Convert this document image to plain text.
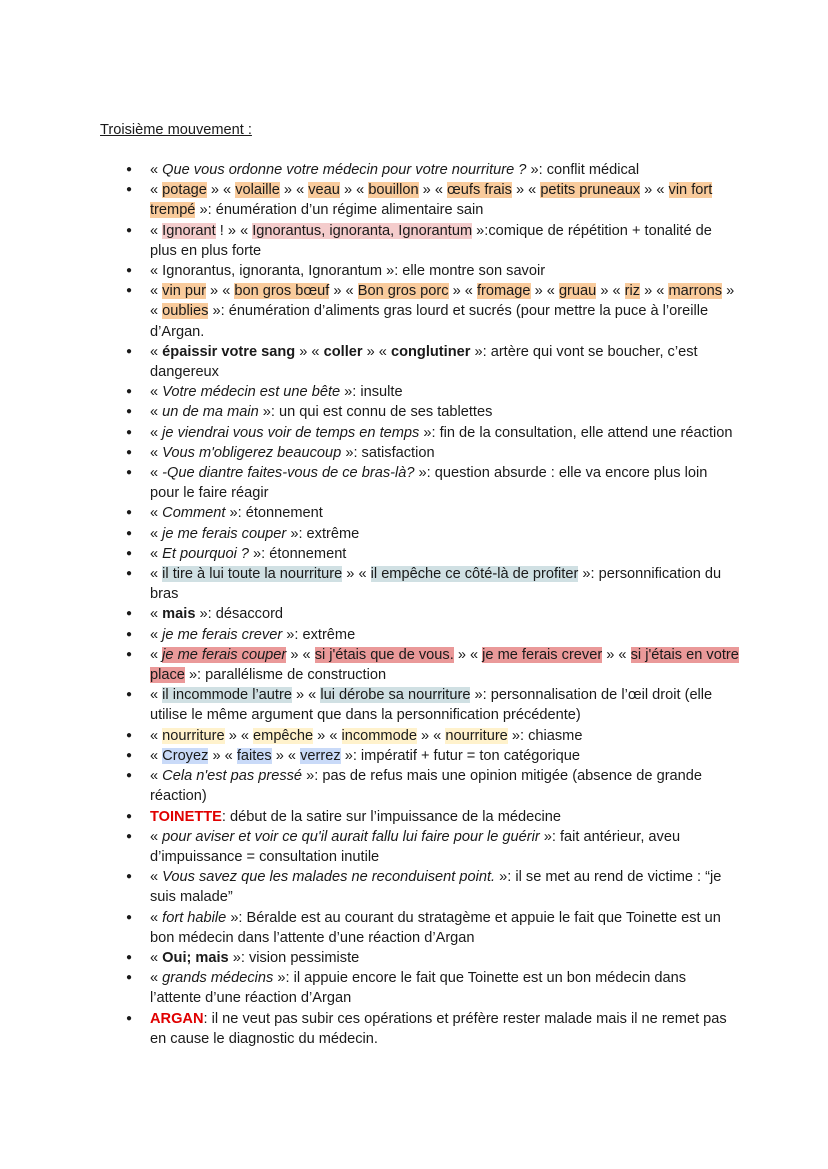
Troisième mouvement :
● « Que vous ordonne votre médecin pour votre nourriture ? »: conflit médical
● « potage » « volaille » « veau » « bouillon » « œufs frais » « petits pruneaux » « vin fort trempé »: énumération d’un régime alimentaire sain
● « Ignorant ! » « Ignorantus, ignoranta, Ignorantum »:comique de répétition + tonalité de plus en plus forte
● « Ignorantus, ignoranta, Ignorantum »: elle montre son savoir
● « vin pur » « bon gros bœuf » « Bon gros porc » « fromage » « gruau » « riz » « marrons » « oublies »: énumération d’aliments gras lourd et sucrés (pour mettre la puce à l’oreille d’Argan.
● « épaissir votre sang » « coller » « conglutiner »: artère qui vont se boucher, c’est dangereux
● « Votre médecin est une bête »: insulte
● « un de ma main »: un qui est connu de ses tablettes
● « je viendrai vous voir de temps en temps »: fin de la consultation, elle attend une réaction
● « Vous m'obligerez beaucoup »: satisfaction
● « -Que diantre faites-vous de ce bras-là? »: question absurde : elle va encore plus loin pour le faire réagir
● « Comment »: étonnement
● « je me ferais couper »: extrême
● « Et pourquoi ? »: étonnement
● « il tire à lui toute la nourriture » « il empêche ce côté-là de profiter »: personnification du bras
● « mais »: désaccord
● « je me ferais crever »: extrême
● « je me ferais couper » « si j'étais que de vous. » « je me ferais crever » « si j'étais en votre place »: parallélisme de construction
● « il incommode l’autre » « lui dérobe sa nourriture »: personnalisation de l’œil droit (elle utilise le même argument que dans la personnification précédente)
● « nourriture » « empêche » « incommode » « nourriture »: chiasme
● « Croyez » « faites » « verrez »: impératif + futur = ton catégorique
● « Cela n'est pas pressé »: pas de refus mais une opinion mitigée (absence de grande réaction)
● TOINETTE: début de la satire sur l’impuissance de la médecine
● « pour aviser et voir ce qu'il aurait fallu lui faire pour le guérir »: fait antérieur, aveu d’impuissance = consultation inutile
● « Vous savez que les malades ne reconduisent point. »: il se met au rend de victime : “je suis malade”
● « fort habile »: Béralde est au courant du stratagème et appuie le fait que Toinette est un bon médecin dans l’attente d’une réaction d’Argan
● « Oui; mais »: vision pessimiste
● « grands médecins »: il appuie encore le fait que Toinette est un bon médecin dans l’attente d’une réaction d’Argan
● ARGAN: il ne veut pas subir ces opérations et préfère rester malade mais il ne remet pas en cause le diagnostic du médecin.
